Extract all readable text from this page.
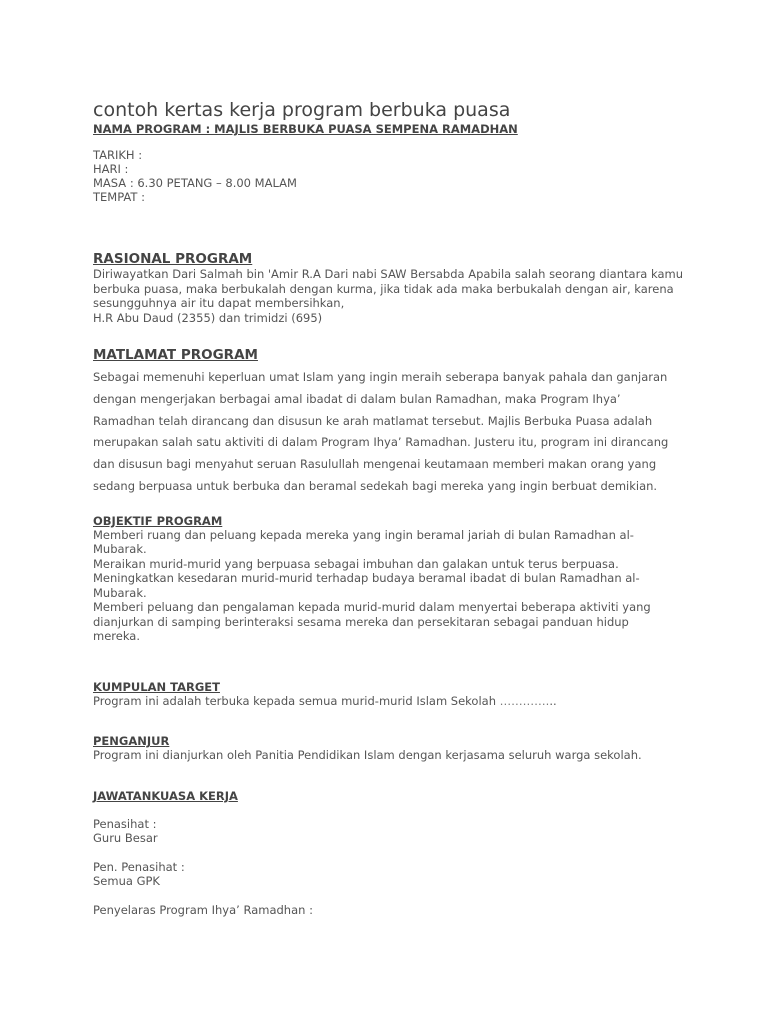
contoh kertas kerja program berbuka puasa

NAMA PROGRAM : MAJLIS BERBUKA PUASA SEMPENA RAMADHAN

TARIKH :
HARI :
MASA : 6.30 PETANG – 8.00 MALAM
TEMPAT :

RASIONAL PROGRAM

Diriwayatkan Dari Salmah bin 'Amir R.A Dari nabi SAW Bersabda Apabila salah seorang diantara kamu
berbuka puasa, maka berbukalah dengan kurma, jika tidak ada maka berbukalah dengan air, karena
sesungguhnya air itu dapat membersihkan,
H.R Abu Daud (2355) dan trimidzi (695)

MATLAMAT PROGRAM

Sebagai memenuhi keperluan umat Islam yang ingin meraih seberapa banyak pahala dan ganjaran
dengan mengerjakan berbagai amal ibadat di dalam bulan Ramadhan, maka Program Ihya’
Ramadhan telah dirancang dan disusun ke arah matlamat tersebut. Majlis Berbuka Puasa adalah
merupakan salah satu aktiviti di dalam Program Ihya’ Ramadhan. Justeru itu, program ini dirancang
dan disusun bagi menyahut seruan Rasulullah mengenai keutamaan memberi makan orang yang
sedang berpuasa untuk berbuka dan beramal sedekah bagi mereka yang ingin berbuat demikian.

OBJEKTIF PROGRAM

Memberi ruang dan peluang kepada mereka yang ingin beramal jariah di bulan Ramadhan al-
Mubarak.
Meraikan murid-murid yang berpuasa sebagai imbuhan dan galakan untuk terus berpuasa.
Meningkatkan kesedaran murid-murid terhadap budaya beramal ibadat di bulan Ramadhan al-
Mubarak.
Memberi peluang dan pengalaman kepada murid-murid dalam menyertai beberapa aktiviti yang
dianjurkan di samping berinteraksi sesama mereka dan persekitaran sebagai panduan hidup
mereka.

KUMPULAN TARGET

Program ini adalah terbuka kepada semua murid-murid Islam Sekolah …………...

PENGANJUR

Program ini dianjurkan oleh Panitia Pendidikan Islam dengan kerjasama seluruh warga sekolah.

JAWATANKUASA KERJA

Penasihat :
Guru Besar

Pen. Penasihat :
Semua GPK

Penyelaras Program Ihya’ Ramadhan :
